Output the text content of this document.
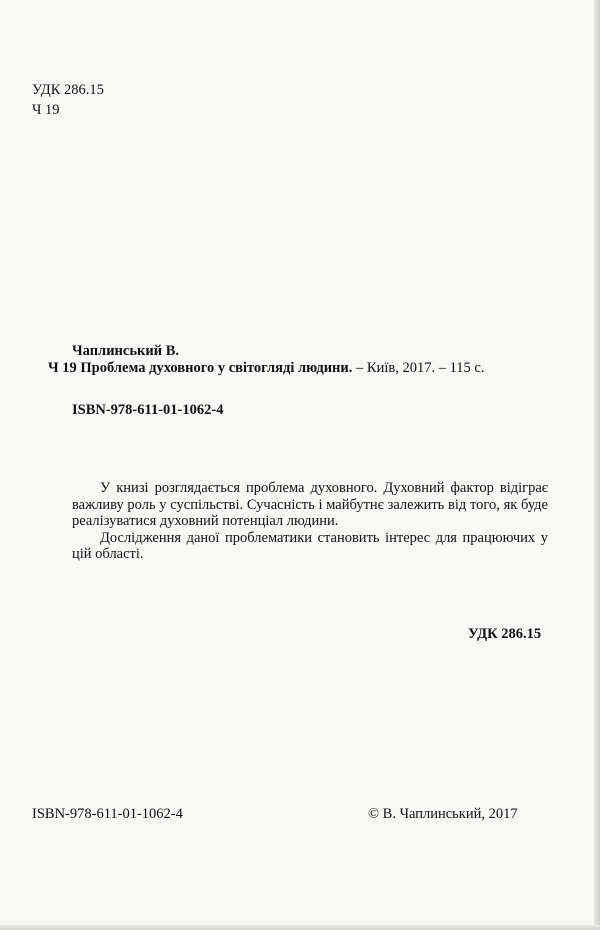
УДК 286.15
Ч 19
Чаплинський В.
Ч 19 Проблема духовного у світогляді людини. – Київ, 2017. – 115 с.
ISBN-978-611-01-1062-4

У книзі розглядається проблема духовного. Духовний фактор відіграє важливу роль у суспільстві. Сучасність і майбутнє залежить від того, як буде реалізуватися духовний потенціал людини.

Дослідження даної проблематики становить інтерес для працюючих у цій області.

УДК 286.15
ISBN-978-611-01-1062-4	© В. Чаплинський, 2017
